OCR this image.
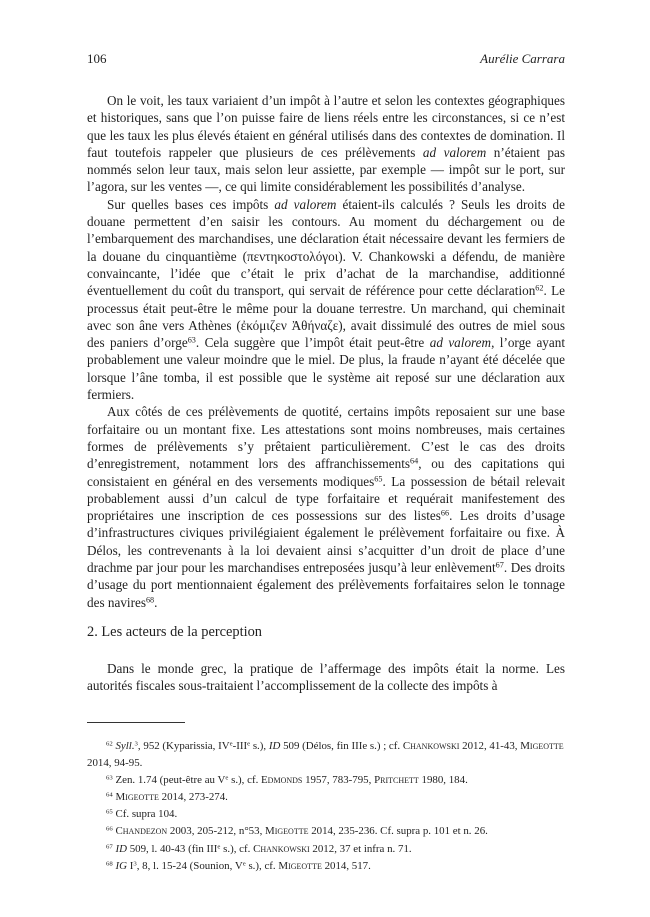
106	Aurélie Carrara

On le voit, les taux variaient d’un impôt à l’autre et selon les contextes géographiques et historiques, sans que l’on puisse faire de liens réels entre les circonstances, si ce n’est que les taux les plus élevés étaient en général utilisés dans des contextes de domination. Il faut toutefois rappeler que plusieurs de ces prélèvements ad valorem n’étaient pas nommés selon leur taux, mais selon leur assiette, par exemple — impôt sur le port, sur l’agora, sur les ventes —, ce qui limite considérablement les possibilités d’analyse.

Sur quelles bases ces impôts ad valorem étaient-ils calculés ? Seuls les droits de douane permettent d’en saisir les contours. Au moment du déchargement ou de l’embarquement des marchandises, une déclaration était nécessaire devant les fermiers de la douane du cinquantième (πεντηκοστολόγοι). V. Chankowski a défendu, de manière convaincante, l’idée que c’était le prix d’achat de la marchandise, additionné éventuellement du coût du transport, qui servait de référence pour cette déclaration$^{62}$. Le processus était peut-être le même pour la douane terrestre. Un marchand, qui cheminait avec son âne vers Athènes (ἐκόμιζεν Ἀθήναζε), avait dissimulé des outres de miel sous des paniers d’orge$^{63}$. Cela suggère que l’impôt était peut-être ad valorem, l’orge ayant probablement une valeur moindre que le miel. De plus, la fraude n’ayant été décelée que lorsque l’âne tomba, il est possible que le système ait reposé sur une déclaration aux fermiers.

Aux côtés de ces prélèvements de quotité, certains impôts reposaient sur une base forfaitaire ou un montant fixe. Les attestations sont moins nombreuses, mais certaines formes de prélèvements s’y prêtaient particulièrement. C’est le cas des droits d’enregistrement, notamment lors des affranchissements$^{64}$, ou des capitations qui consistaient en général en des versements modiques$^{65}$. La possession de bétail relevait probablement aussi d’un calcul de type forfaitaire et requérait manifestement des propriétaires une inscription de ces possessions sur des listes$^{66}$. Les droits d’usage d’infrastructures civiques privilégiaient également le prélèvement forfaitaire ou fixe. À Délos, les contrevenants à la loi devaient ainsi s’acquitter d’un droit de place d’une drachme par jour pour les marchandises entreposées jusqu’à leur enlèvement$^{67}$. Des droits d’usage du port mentionnaient également des prélèvements forfaitaires selon le tonnage des navires$^{68}$.

2. Les acteurs de la perception

Dans le monde grec, la pratique de l’affermage des impôts était la norme. Les autorités fiscales sous-traitaient l’accomplissement de la collecte des impôts à

$^{62}$ Syll.$^3$, 952 (Kyparissia, IVe-IIIe s.), ID 509 (Délos, fin IIIe s.) ; cf. Chankowski 2012, 41-43, Migeotte 2014, 94-95.
$^{63}$ Zen. 1.74 (peut-être au Ve s.), cf. Edmonds 1957, 783-795, Pritchett 1980, 184.
$^{64}$ Migeotte 2014, 273-274.
$^{65}$ Cf. supra 104.
$^{66}$ Chandezon 2003, 205-212, n°53, Migeotte 2014, 235-236. Cf. supra p. 101 et n. 26.
$^{67}$ ID 509, l. 40-43 (fin IIIe s.), cf. Chankowski 2012, 37 et infra n. 71.
$^{68}$ IG $I^3$, 8, l. 15-24 (Sounion, Ve s.), cf. Migeotte 2014, 517.
